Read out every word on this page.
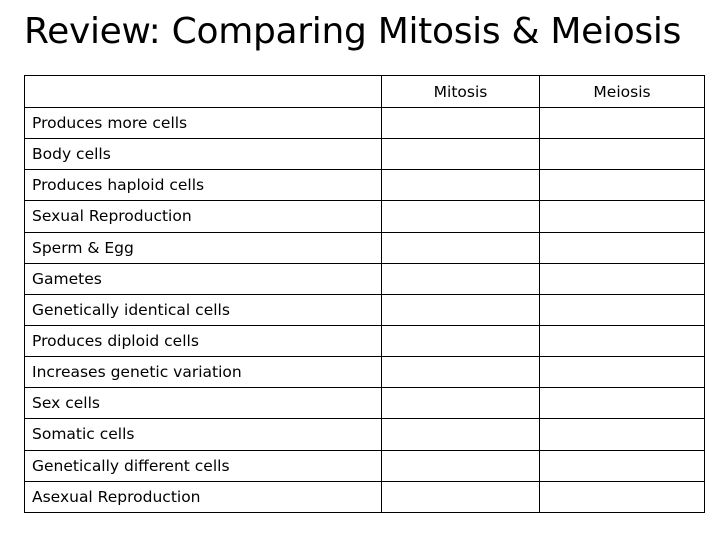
Review: Comparing Mitosis & Meiosis
	Mitosis	Meiosis
Produces more cells		
Body cells		
Produces haploid cells		
Sexual Reproduction		
Sperm & Egg		
Gametes		
Genetically identical cells		
Produces diploid cells		
Increases genetic variation		
Sex cells		
Somatic cells		
Genetically different cells		
Asexual Reproduction		
